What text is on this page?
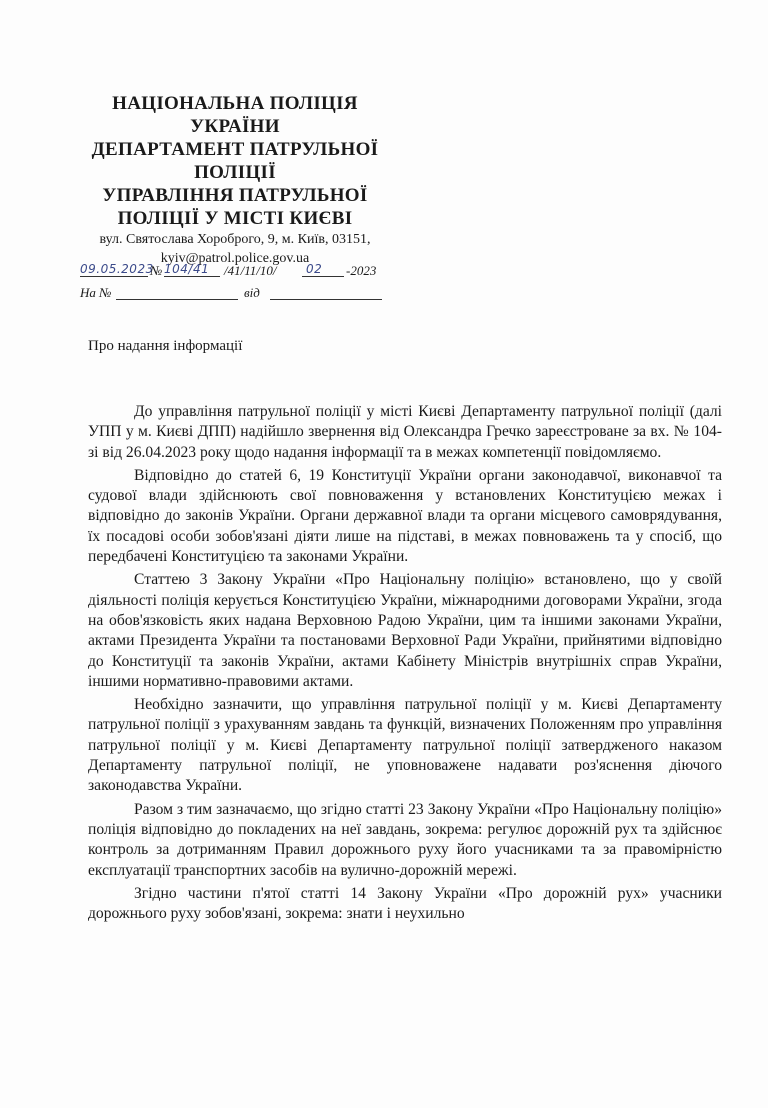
НАЦІОНАЛЬНА ПОЛІЦІЯ
УКРАЇНИ
ДЕПАРТАМЕНТ ПАТРУЛЬНОЇ
ПОЛІЦІЇ
УПРАВЛІННЯ ПАТРУЛЬНОЇ
ПОЛІЦІЇ У МІСТІ КИЄВІ
вул. Святослава Хороброго, 9, м. Київ, 03151,
kyiv@patrol.police.gov.ua
09.05.2023
№ 104/41 /41/11/10/ 02 -2023
На №	від
Про надання інформації

До управління патрульної поліції у місті Києві Департаменту патрульної поліції (далі УПП у м. Києві ДПП) надійшло звернення від Олександра Гречко зареєстроване за вх. № 104-зі від 26.04.2023 року щодо надання інформації та в межах компетенції повідомляємо.

Відповідно до статей 6, 19 Конституції України органи законодавчої, виконавчої та судової влади здійснюють свої повноваження у встановлених Конституцією межах і відповідно до законів України. Органи державної влади та органи місцевого самоврядування, їх посадові особи зобов'язані діяти лише на підставі, в межах повноважень та у спосіб, що передбачені Конституцією та законами України.

Статтею 3 Закону України «Про Національну поліцію» встановлено, що у своїй діяльності поліція керується Конституцією України, міжнародними договорами України, згода на обов'язковість яких надана Верховною Радою України, цим та іншими законами України, актами Президента України та постановами Верховної Ради України, прийнятими відповідно до Конституції та законів України, актами Кабінету Міністрів внутрішніх справ України, іншими нормативно-правовими актами.

Необхідно зазначити, що управління патрульної поліції у м. Києві Департаменту патрульної поліції з урахуванням завдань та функцій, визначених Положенням про управління патрульної поліції у м. Києві Департаменту патрульної поліції затвердженого наказом Департаменту патрульної поліції, не уповноважене надавати роз'яснення діючого законодавства України.

Разом з тим зазначаємо, що згідно статті 23 Закону України «Про Національну поліцію» поліція відповідно до покладених на неї завдань, зокрема: регулює дорожній рух та здійснює контроль за дотриманням Правил дорожнього руху його учасниками та за правомірністю експлуатації транспортних засобів на вулично-дорожній мережі.

Згідно частини п'ятої статті 14 Закону України «Про дорожній рух» учасники дорожнього руху зобов'язані, зокрема: знати і неухильно
